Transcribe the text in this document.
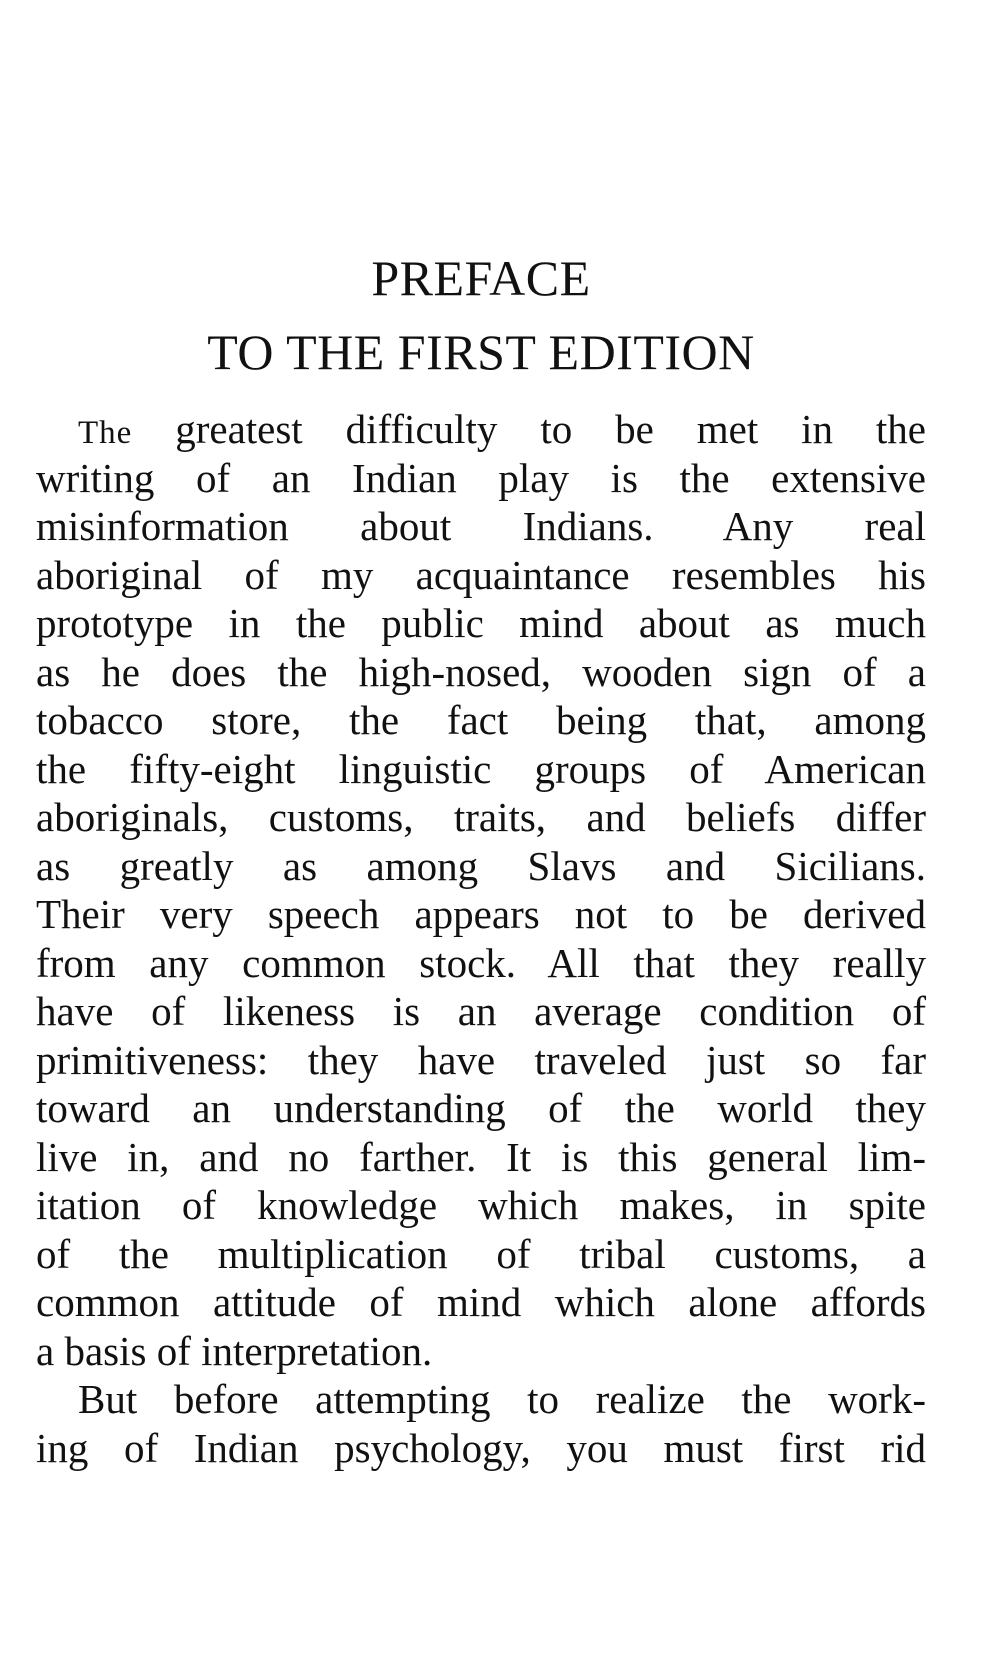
PREFACE
TO THE FIRST EDITION
The greatest difficulty to be met in the
writing of an Indian play is the extensive
misinformation about Indians. Any real
aboriginal of my acquaintance resembles his
prototype in the public mind about as much
as he does the high-nosed, wooden sign of a
tobacco store, the fact being that, among
the fifty-eight linguistic groups of American
aboriginals, customs, traits, and beliefs differ
as greatly as among Slavs and Sicilians.
Their very speech appears not to be derived
from any common stock. All that they really
have of likeness is an average condition of
primitiveness: they have traveled just so far
toward an understanding of the world they
live in, and no farther. It is this general lim-
itation of knowledge which makes, in spite
of the multiplication of tribal customs, a
common attitude of mind which alone affords
a basis of interpretation.
But before attempting to realize the work-
ing of Indian psychology, you must first rid
